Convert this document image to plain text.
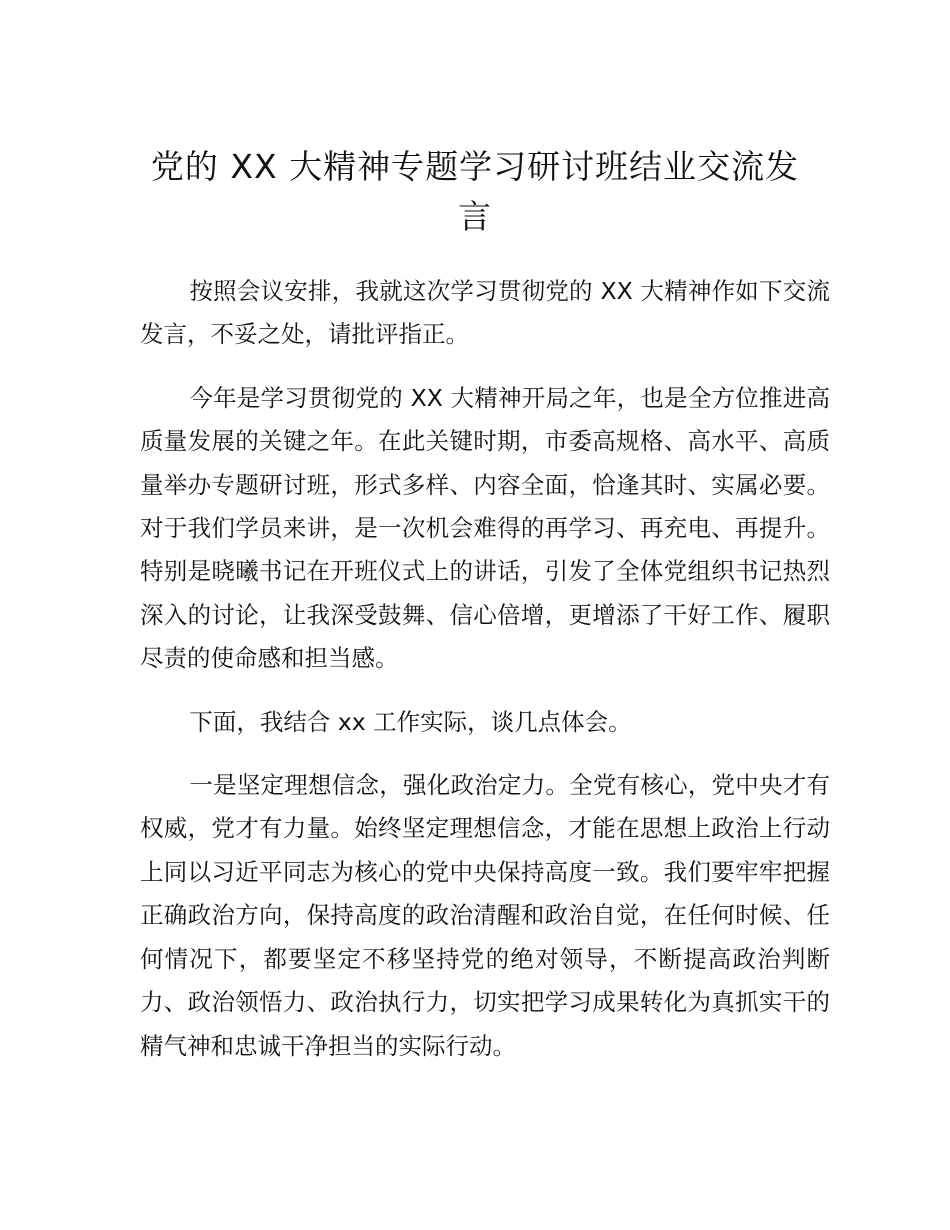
党的 XX 大精神专题学习研讨班结业交流发言

按照会议安排，我就这次学习贯彻党的 XX 大精神作如下交流发言，不妥之处，请批评指正。

今年是学习贯彻党的 XX 大精神开局之年，也是全方位推进高质量发展的关键之年。在此关键时期，市委高规格、高水平、高质量举办专题研讨班，形式多样、内容全面，恰逢其时、实属必要。对于我们学员来讲，是一次机会难得的再学习、再充电、再提升。特别是晓曦书记在开班仪式上的讲话，引发了全体党组织书记热烈深入的讨论，让我深受鼓舞、信心倍增，更增添了干好工作、履职尽责的使命感和担当感。

下面，我结合 xx 工作实际，谈几点体会。

一是坚定理想信念，强化政治定力。全党有核心，党中央才有权威，党才有力量。始终坚定理想信念，才能在思想上政治上行动上同以习近平同志为核心的党中央保持高度一致。我们要牢牢把握正确政治方向，保持高度的政治清醒和政治自觉，在任何时候、任何情况下，都要坚定不移坚持党的绝对领导，不断提高政治判断力、政治领悟力、政治执行力，切实把学习成果转化为真抓实干的精气神和忠诚干净担当的实际行动。
